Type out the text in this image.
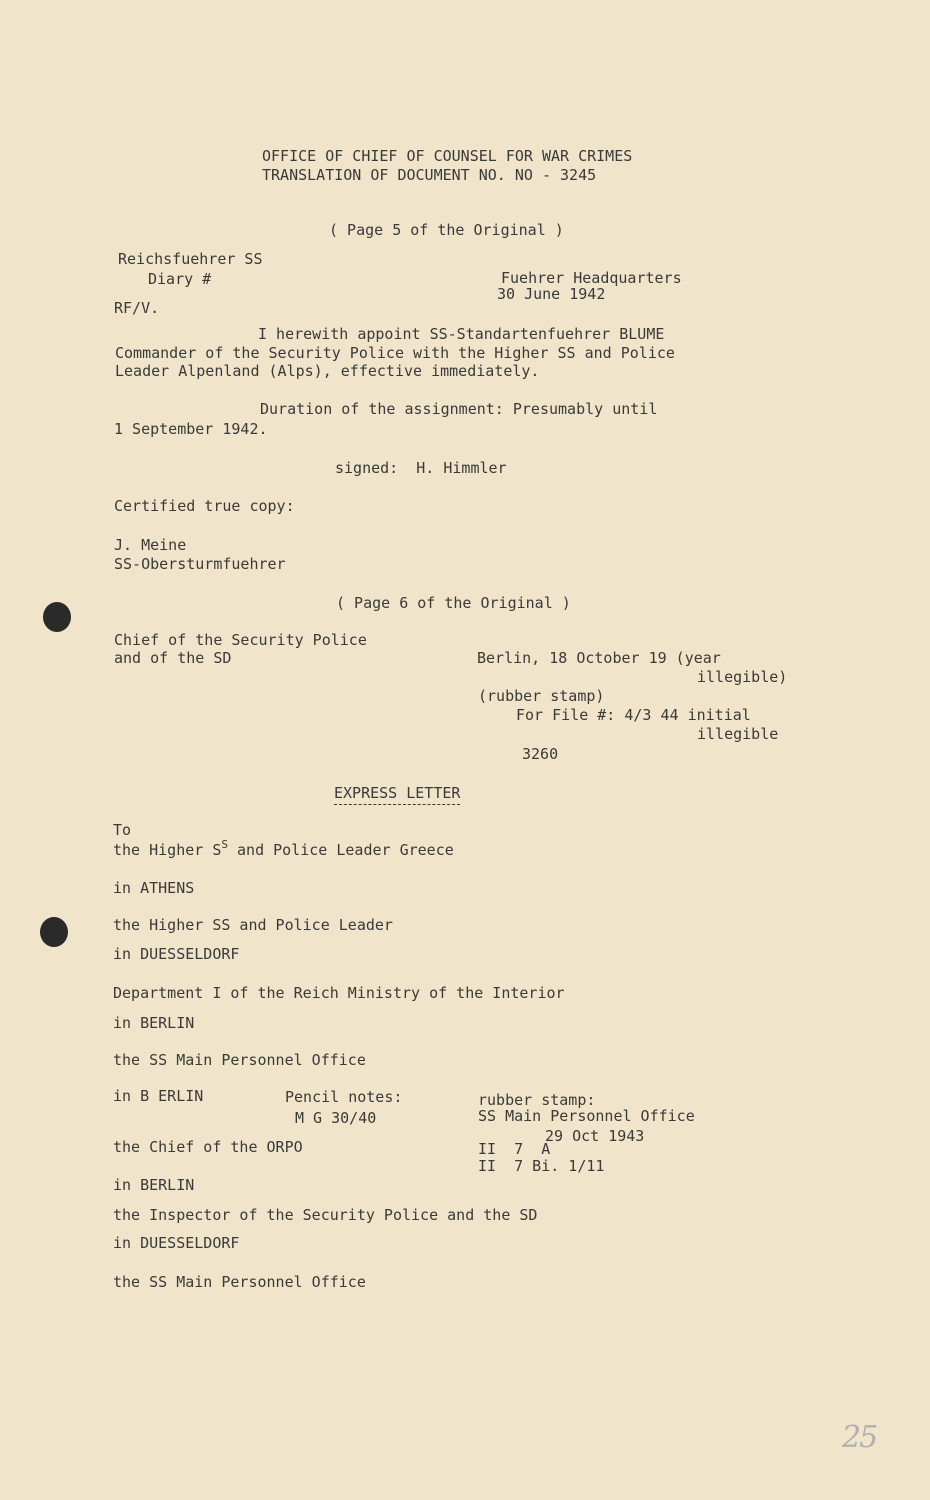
OFFICE OF CHIEF OF COUNSEL FOR WAR CRIMES
TRANSLATION OF DOCUMENT NO. NO - 3245
( Page 5 of the Original )
Reichsfuehrer SS
Diary #
RF/V.
Fuehrer Headquarters
30 June 1942
I herewith appoint SS-Standartenfuehrer BLUME
Commander of the Security Police with the Higher SS and Police
Leader Alpenland (Alps), effective immediately.
Duration of the assignment: Presumably until
1 September 1942.
signed:  H. Himmler
Certified true copy:
J. Meine
SS-Obersturmfuehrer
( Page 6 of the Original )
Chief of the Security Police
and of the SD	Berlin, 18 October 19 (year
illegible)
(rubber stamp)
For File #: 4/3 44 initial
illegible
3260
EXPRESS LETTER
To
the Higher $S^S$ and Police Leader Greece
in ATHENS
the Higher SS and Police Leader
in DUESSELDORF
Department I of the Reich Ministry of the Interior
in BERLIN
the SS Main Personnel Office
in B ERLIN	Pencil notes:
M G 30/40
rubber stamp:
SS Main Personnel Office
29 Oct 1943
II  7  A
II  7 Bi. 1/11
the Chief of the ORPO
in BERLIN
the Inspector of the Security Police and the SD
in DUESSELDORF
the SS Main Personnel Office
25
